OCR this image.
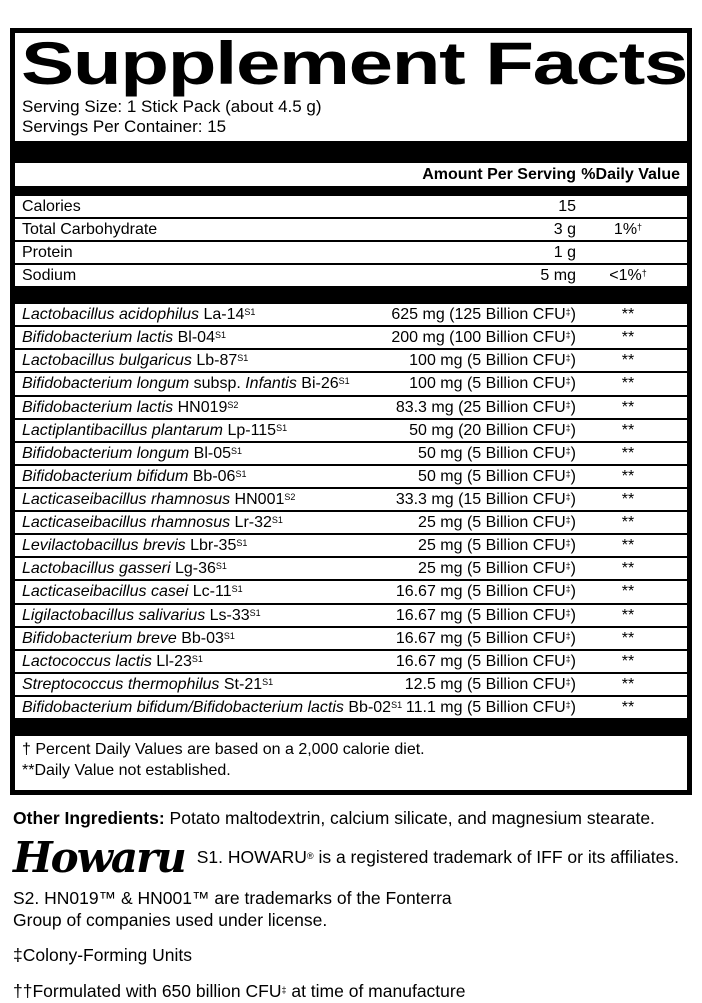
Supplement Facts
Serving Size: 1 Stick Pack (about 4.5 g)
Servings Per Container: 15
Amount Per Serving %Daily Value
Calories	15
Total Carbohydrate	3 g	1%†
Protein	1 g
Sodium	5 mg	<1%†
Lactobacillus acidophilus $La-14^{S1}$	625 mg (125 Billion CFU‡)	**
Bifidobacterium lactis $Bl-04^{S1}$	200 mg (100 Billion CFU‡)	**
Lactobacillus bulgaricus $Lb-87^{S1}$	100 mg (5 Billion CFU‡)	**
Bifidobacterium longum subsp. Infantis $Bi-26^{S1}$	100 mg (5 Billion CFU‡)	**
Bifidobacterium lactis $HN019^{S2}$	83.3 mg (25 Billion CFU‡)	**
Lactiplantibacillus plantarum $Lp-115^{S1}$	50 mg (20 Billion CFU‡)	**
Bifidobacterium longum $Bl-05^{S1}$	50 mg (5 Billion CFU‡)	**
Bifidobacterium bifidum $Bb-06^{S1}$	50 mg (5 Billion CFU‡)	**
Lacticaseibacillus rhamnosus $HN001^{S2}$	33.3 mg (15 Billion CFU‡)	**
Lacticaseibacillus rhamnosus $Lr-32^{S1}$	25 mg (5 Billion CFU‡)	**
Levilactobacillus brevis Lbr-$35^{S1}$	25 mg (5 Billion CFU‡)	**
Lactobacillus gasseri $Lg-36^{S1}$	25 mg (5 Billion CFU‡)	**
Lacticaseibacillus casei $Lc-11^{S1}$	16.67 mg (5 Billion CFU‡)	**
Ligilactobacillus salivarius $Ls-33^{S1}$	16.67 mg (5 Billion CFU‡)	**
Bifidobacterium breve $Bb-03^{S1}$	16.67 mg (5 Billion CFU‡)	**
Lactococcus lactis $Ll-23^{S1}$	16.67 mg (5 Billion CFU‡)	**
Streptococcus thermophilus $St-21^{S1}$	12.5 mg (5 Billion CFU‡)	**
Bifidobacterium bifidum/Bifidobacterium lactis $Bb-02^{S1}$ 11.1 mg (5 Billion CFU‡)	**
† Percent Daily Values are based on a 2,000 calorie diet.
**Daily Value not established.

Other Ingredients: Potato maltodextrin, calcium silicate, and magnesium stearate.

Howaru S1. HOWARU® is a registered trademark of IFF or its affiliates.

S2. HN019™ & HN001™ are trademarks of the Fonterra

Group of companies used under license.

‡Colony-Forming Units

††Formulated with 650 billion CFU‡ at time of manufacture
